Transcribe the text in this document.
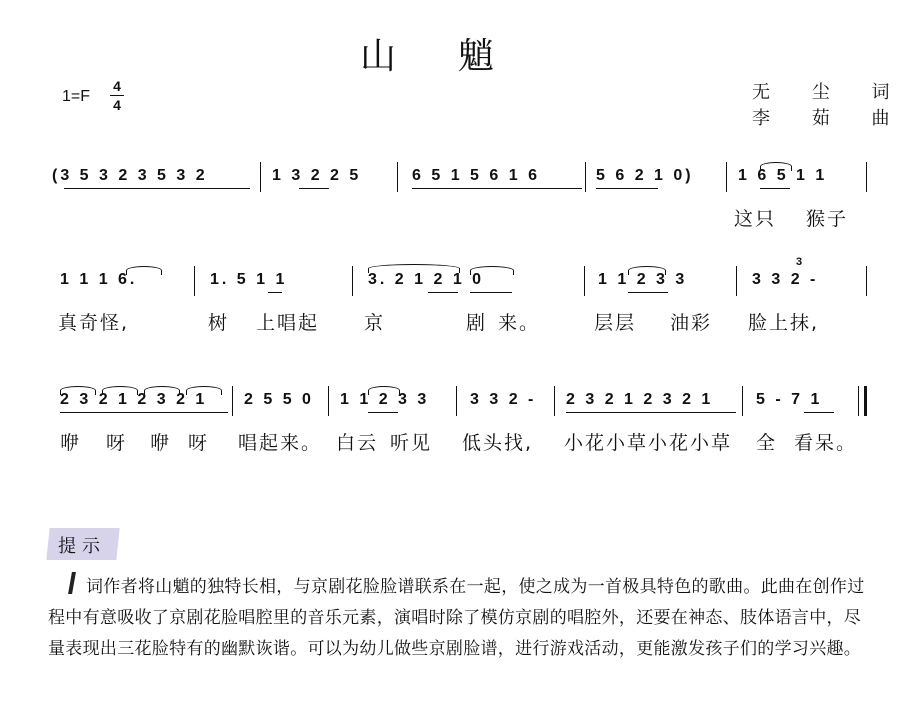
山魈
1=F
4
4
无 尘 词
李 茹 曲
(3 5 3 2 3 5 3 2	1 3 2 2 5	6 5 1 5 6 1 6	5 6 2 1 0)	1 6 5 1 1
这只 猴子
1 1 1 6.	1. 5 1 1	3. 2 1 2 1 0	1 1 2 3 3	3 3 2 -
3
真奇怪,	树 上唱起 京	剧 来。	层层 油彩 脸上抹,
2 3 2 1 2 3 2 1 2 5 5 0 1 1 2 3 3	3 3 2 - 2 3 2 1 2 3 2 1	5 - 7 1
咿 呀 咿 呀 唱起来。 白云 听见 低头找, 小花小草小花小草 全 看呆。
提示
词作者将山魈的独特长相，与京剧花脸脸谱联系在一起，使之成为一首极具特色的歌曲。此曲在创作过程中有意吸收了京剧花脸唱腔里的音乐元素，演唱时除了模仿京剧的唱腔外，还要在神态、肢体语言中，尽量表现出三花脸特有的幽默诙谐。可以为幼儿做些京剧脸谱，进行游戏活动，更能激发孩子们的学习兴趣。
